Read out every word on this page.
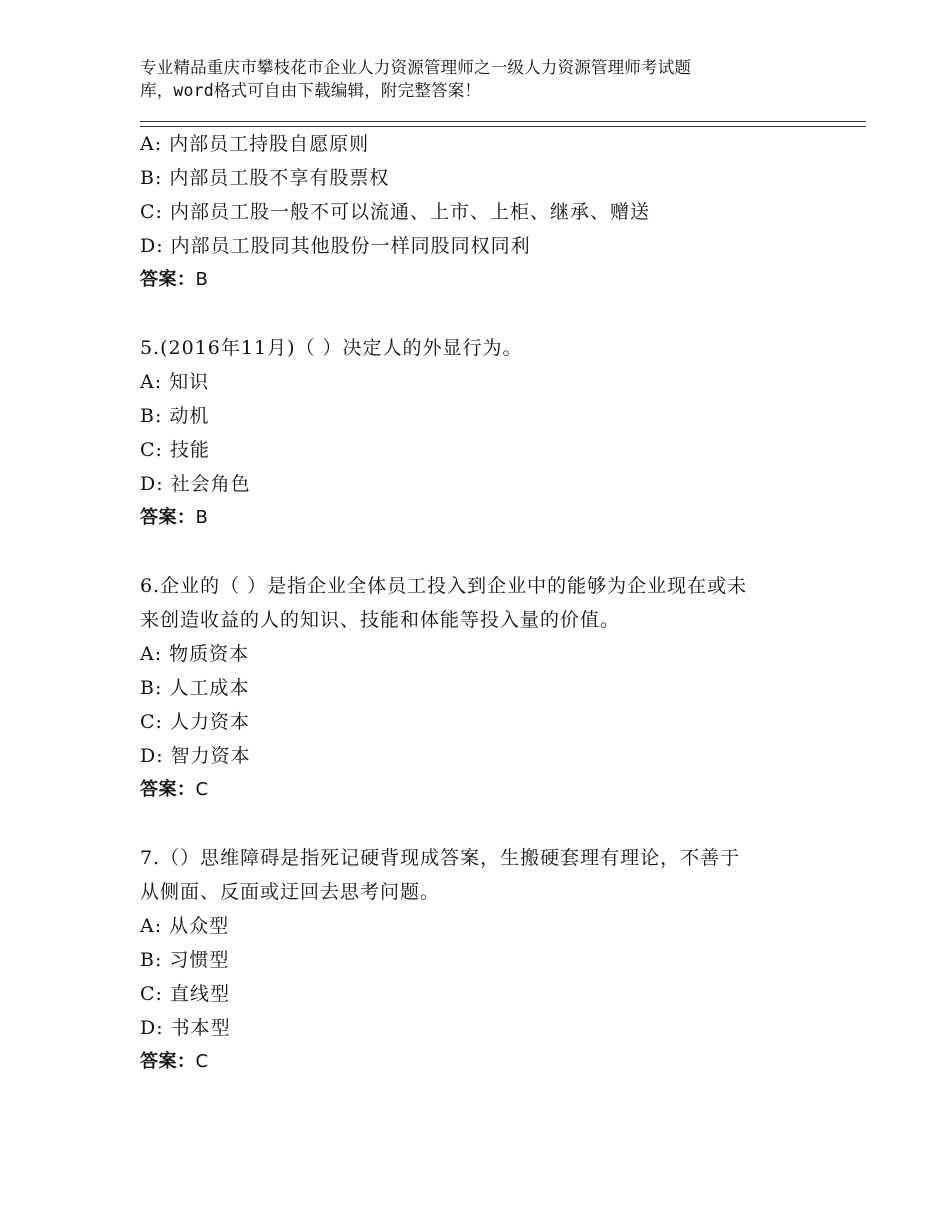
专业精品重庆市攀枝花市企业人力资源管理师之一级人力资源管理师考试题
库，word格式可自由下载编辑，附完整答案！
A: 内部员工持股自愿原则
B: 内部员工股不享有股票权
C: 内部员工股一般不可以流通、上市、上柜、继承、赠送
D: 内部员工股同其他股份一样同股同权同利
答案：B
5.(2016年11月)（ ）决定人的外显行为。
A: 知识
B: 动机
C: 技能
D: 社会角色
答案：B
6.企业的（ ）是指企业全体员工投入到企业中的能够为企业现在或未
来创造收益的人的知识、技能和体能等投入量的价值。
A: 物质资本
B: 人工成本
C: 人力资本
D: 智力资本
答案：C
7.（）思维障碍是指死记硬背现成答案，生搬硬套理有理论，不善于
从侧面、反面或迂回去思考问题。
A: 从众型
B: 习惯型
C: 直线型
D: 书本型
答案：C
